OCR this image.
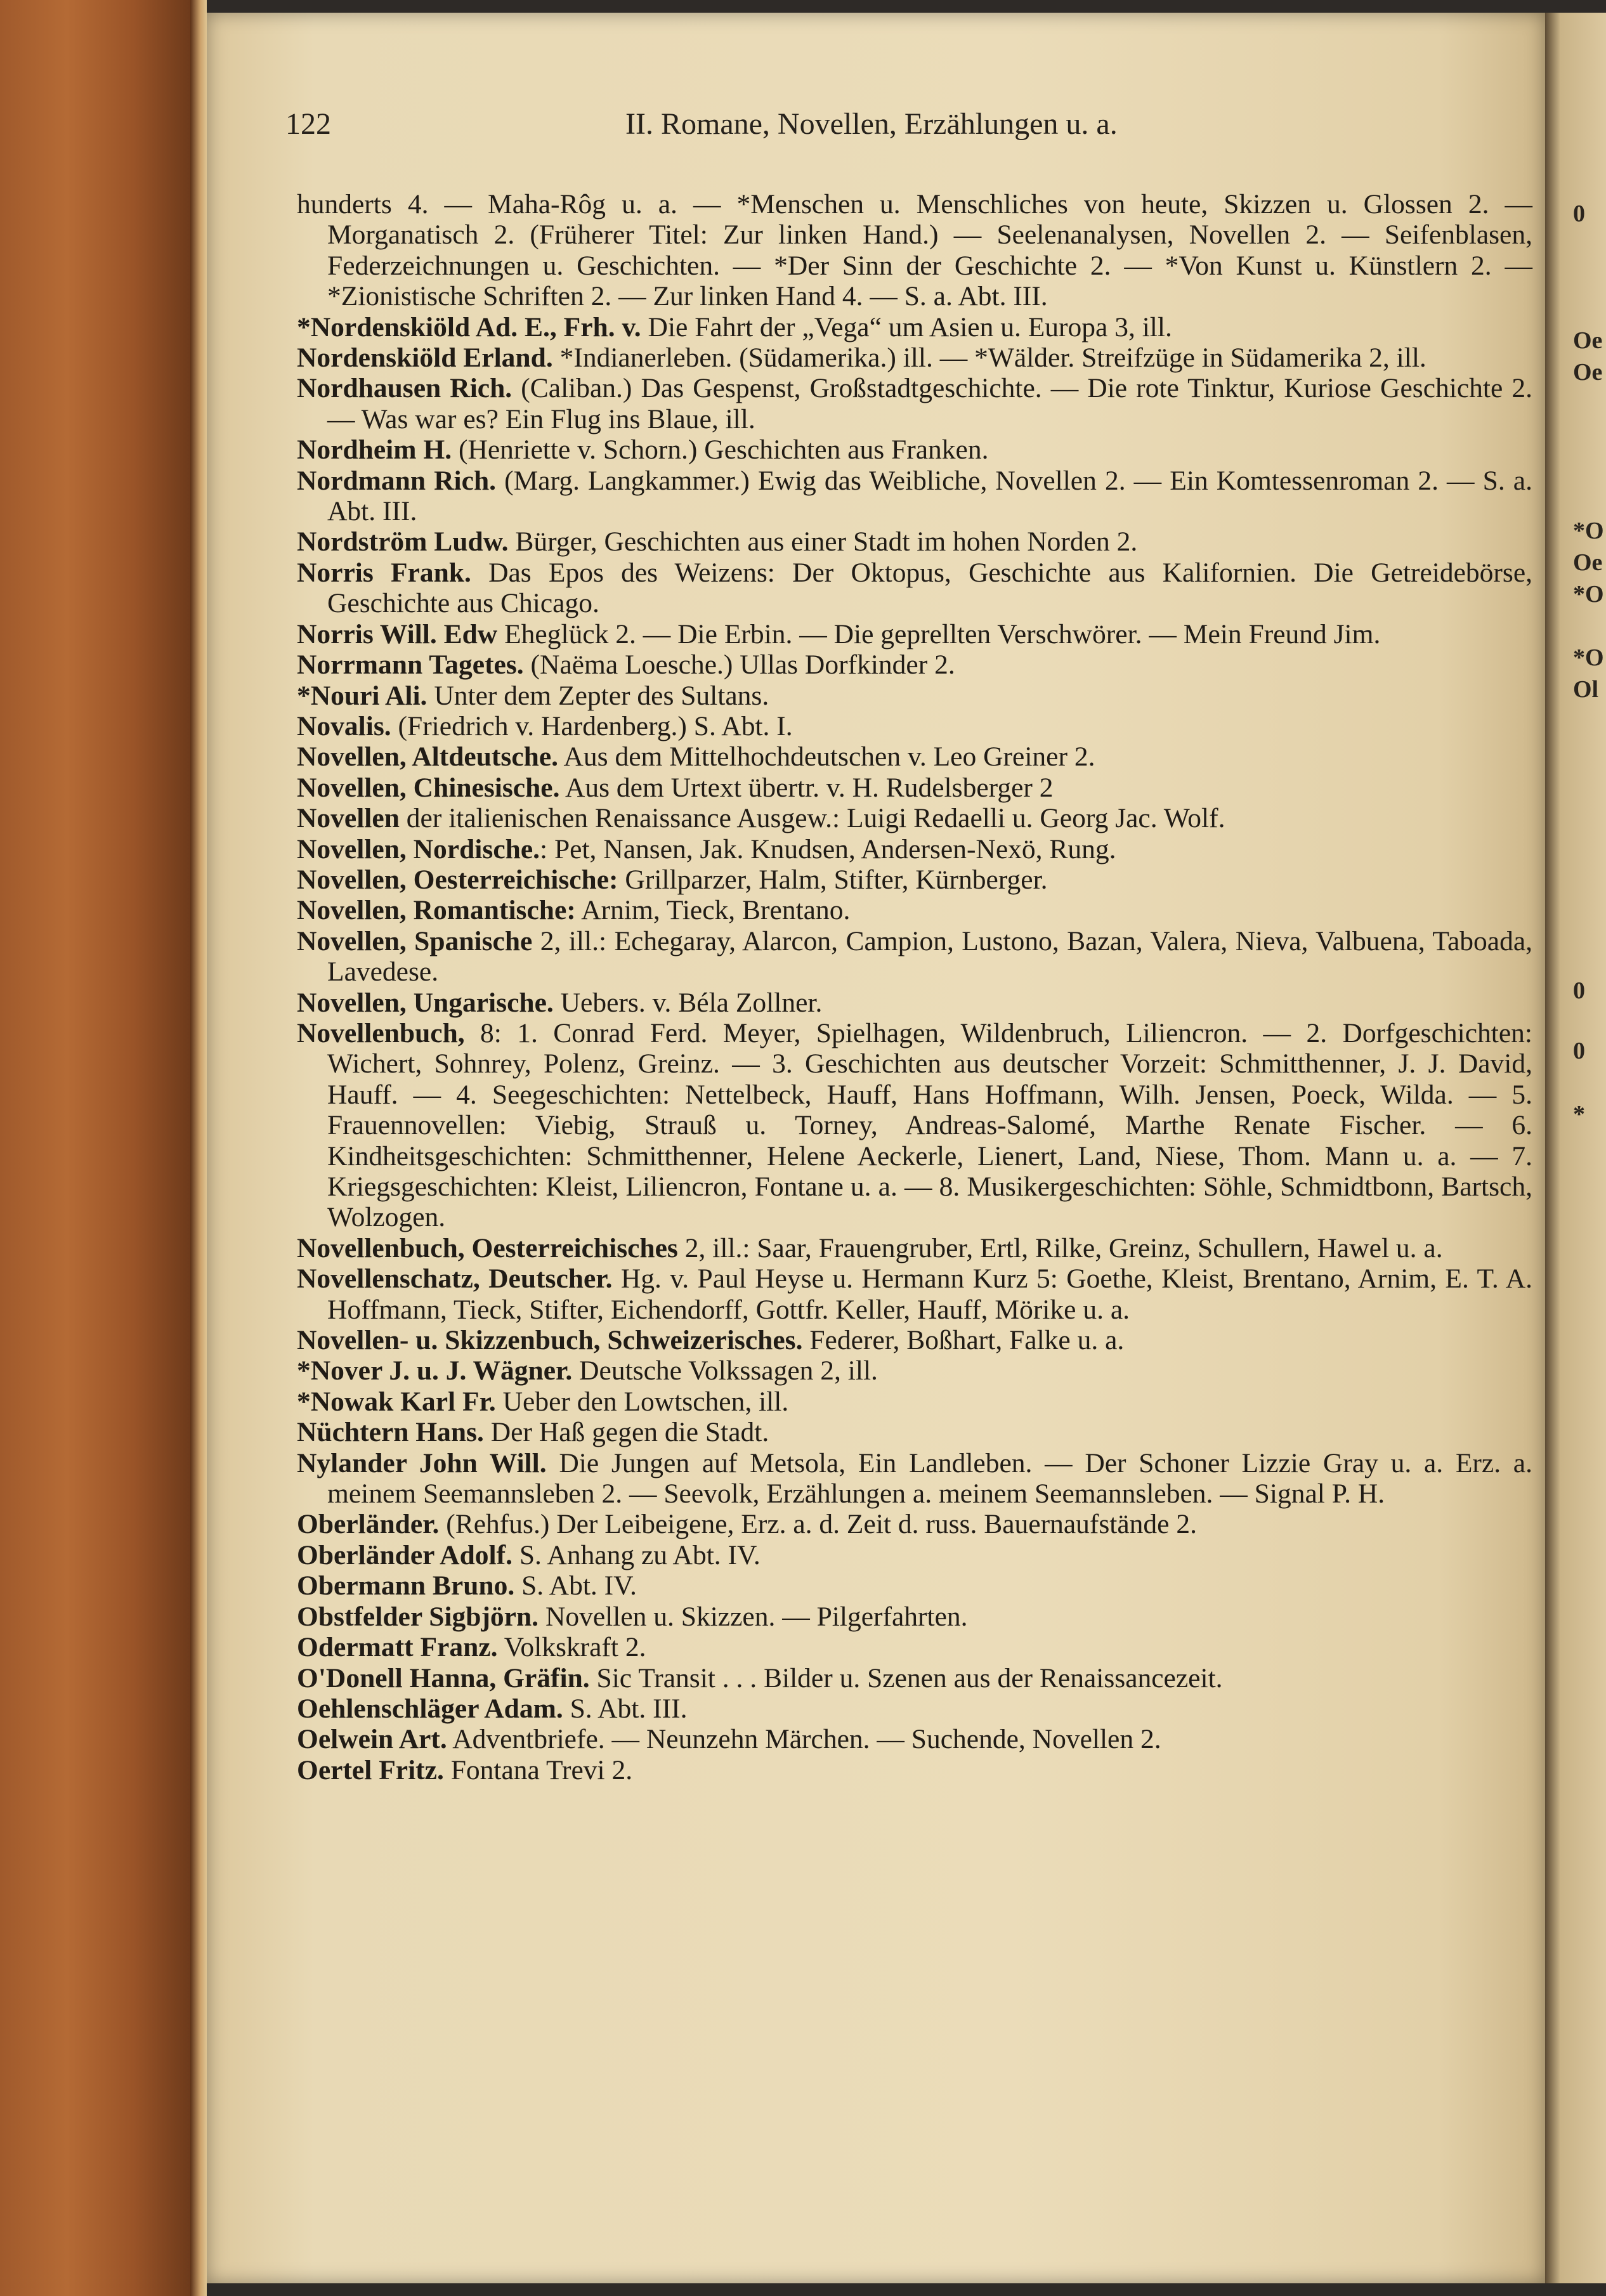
0
Oe
Oe
*O
Oe
*O
*O
Ol
0
0
*
122	II. Romane, Novellen, Erzählungen u. a.

hunderts 4. — Maha-Rôg u. a. — *Menschen u. Menschliches von heute, Skizzen u. Glossen 2. — Morganatisch 2. (Früherer Titel: Zur linken Hand.) — Seelenanalysen, Novellen 2. — Seifenblasen, Federzeichnungen u. Geschichten. — *Der Sinn der Geschichte 2. — *Von Kunst u. Künstlern 2. — *Zionistische Schriften 2. — Zur linken Hand 4. — S. a. Abt. III.

*Nordenskiöld Ad. E., Frh. v. Die Fahrt der „Vega“ um Asien u. Europa 3, ill.

Nordenskiöld Erland. *Indianerleben. (Südamerika.) ill. — *Wälder. Streifzüge in Südamerika 2, ill.

Nordhausen Rich. (Caliban.) Das Gespenst, Großstadtgeschichte. — Die rote Tinktur, Kuriose Geschichte 2. — Was war es? Ein Flug ins Blaue, ill.

Nordheim H. (Henriette v. Schorn.) Geschichten aus Franken.

Nordmann Rich. (Marg. Langkammer.) Ewig das Weibliche, Novellen 2. — Ein Komtessenroman 2. — S. a. Abt. III.

Nordström Ludw. Bürger, Geschichten aus einer Stadt im hohen Norden 2.

Norris Frank. Das Epos des Weizens: Der Oktopus, Geschichte aus Kalifornien. Die Getreidebörse, Geschichte aus Chicago.

Norris Will. Edw Eheglück 2. — Die Erbin. — Die geprellten Verschwörer. — Mein Freund Jim.

Norrmann Tagetes. (Naëma Loesche.) Ullas Dorfkinder 2.

*Nouri Ali. Unter dem Zepter des Sultans.

Novalis. (Friedrich v. Hardenberg.) S. Abt. I.

Novellen, Altdeutsche. Aus dem Mittelhochdeutschen v. Leo Greiner 2.

Novellen, Chinesische. Aus dem Urtext übertr. v. H. Rudelsberger 2

Novellen der italienischen Renaissance Ausgew.: Luigi Redaelli u. Georg Jac. Wolf.

Novellen, Nordische.: Pet, Nansen, Jak. Knudsen, Andersen-Nexö, Rung.

Novellen, Oesterreichische: Grillparzer, Halm, Stifter, Kürnberger.

Novellen, Romantische: Arnim, Tieck, Brentano.

Novellen, Spanische 2, ill.: Echegaray, Alarcon, Campion, Lustono, Bazan, Valera, Nieva, Valbuena, Taboada, Lavedese.

Novellen, Ungarische. Uebers. v. Béla Zollner.

Novellenbuch, 8: 1. Conrad Ferd. Meyer, Spielhagen, Wildenbruch, Liliencron. — 2. Dorfgeschichten: Wichert, Sohnrey, Polenz, Greinz. — 3. Geschichten aus deutscher Vorzeit: Schmitthenner, J. J. David, Hauff. — 4. Seegeschichten: Nettelbeck, Hauff, Hans Hoffmann, Wilh. Jensen, Poeck, Wilda. — 5. Frauennovellen: Viebig, Strauß u. Torney, Andreas-Salomé, Marthe Renate Fischer. — 6. Kindheitsgeschichten: Schmitthenner, Helene Aeckerle, Lienert, Land, Niese, Thom. Mann u. a. — 7. Kriegsgeschichten: Kleist, Liliencron, Fontane u. a. — 8. Musikergeschichten: Söhle, Schmidtbonn, Bartsch, Wolzogen.

Novellenbuch, Oesterreichisches 2, ill.: Saar, Frauengruber, Ertl, Rilke, Greinz, Schullern, Hawel u. a.

Novellenschatz, Deutscher. Hg. v. Paul Heyse u. Hermann Kurz 5: Goethe, Kleist, Brentano, Arnim, E. T. A. Hoffmann, Tieck, Stifter, Eichendorff, Gottfr. Keller, Hauff, Mörike u. a.

Novellen- u. Skizzenbuch, Schweizerisches. Federer, Boßhart, Falke u. a.

*Nover J. u. J. Wägner. Deutsche Volkssagen 2, ill.

*Nowak Karl Fr. Ueber den Lowtschen, ill.

Nüchtern Hans. Der Haß gegen die Stadt.

Nylander John Will. Die Jungen auf Metsola, Ein Landleben. — Der Schoner Lizzie Gray u. a. Erz. a. meinem Seemannsleben 2. — Seevolk, Erzählungen a. meinem Seemannsleben. — Signal P. H.

Oberländer. (Rehfus.) Der Leibeigene, Erz. a. d. Zeit d. russ. Bauernaufstände 2.

Oberländer Adolf. S. Anhang zu Abt. IV.

Obermann Bruno. S. Abt. IV.

Obstfelder Sigbjörn. Novellen u. Skizzen. — Pilgerfahrten.

Odermatt Franz. Volkskraft 2.

O'Donell Hanna, Gräfin. Sic Transit . . . Bilder u. Szenen aus der Renaissancezeit.

Oehlenschläger Adam. S. Abt. III.

Oelwein Art. Adventbriefe. — Neunzehn Märchen. — Suchende, Novellen 2.

Oertel Fritz. Fontana Trevi 2.
